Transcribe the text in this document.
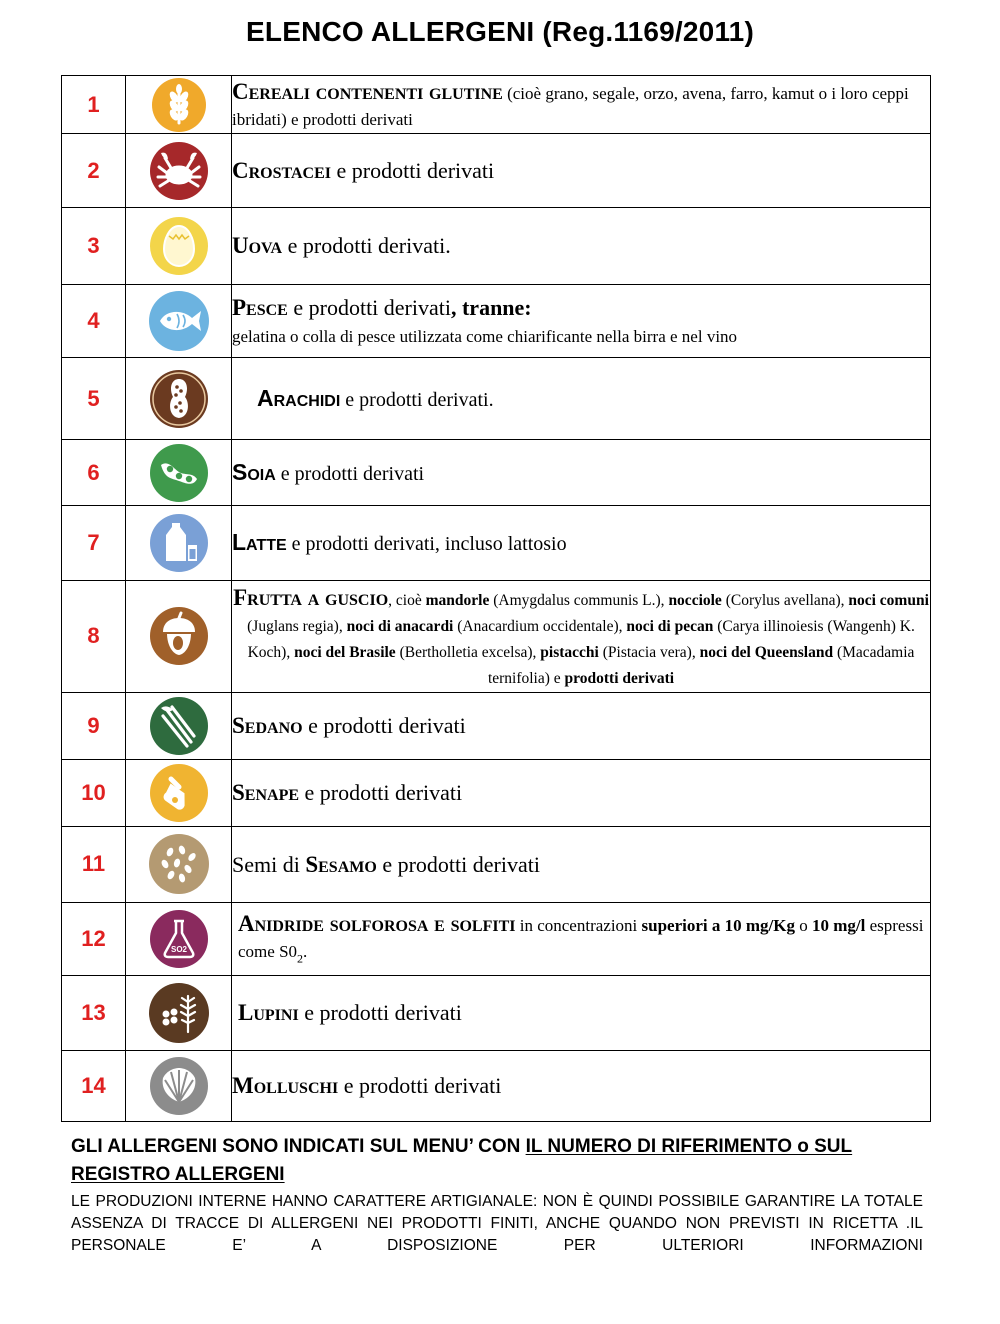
ELENCO ALLERGENI (Reg.1169/2011)
1		Cereali contenenti glutine (cioè grano, segale, orzo, avena, farro, kamut o i loro ceppi ibridati) e prodotti derivati
2		Crostacei e prodotti derivati
3		Uova e prodotti derivati.
4		Pesce e prodotti derivati, tranne:
gelatina o colla di pesce utilizzata come chiarificante nella birra e nel vino
5		Arachidi e prodotti derivati.
6		Soia e prodotti derivati
7		Latte e prodotti derivati, incluso lattosio
8		Frutta a guscio, cioè mandorle (Amygdalus communis L.), nocciole (Corylus avellana), noci comuni (Juglans regia), noci di anacardi (Anacardium occidentale), noci di pecan (Carya illinoiesis (Wangenh) K. Koch), noci del Brasile (Bertholletia excelsa), pistacchi (Pistacia vera), noci del Queensland (Macadamia ternifolia) e prodotti derivati
9		Sedano e prodotti derivati
10		Senape e prodotti derivati
11		Semi di Sesamo e prodotti derivati
12	SO2	Anidride solforosa e solfiti in concentrazioni superiori a 10 mg/Kg o 10 mg/l espressi come $S0_2$.
13		Lupini e prodotti derivati
14		Molluschi e prodotti derivati
GLI ALLERGENI SONO INDICATI SUL MENU’ CON IL NUMERO DI RIFERIMENTO o SUL REGISTRO ALLERGENI
LE PRODUZIONI INTERNE HANNO CARATTERE ARTIGIANALE: NON È QUINDI POSSIBILE GARANTIRE LA TOTALE ASSENZA DI TRACCE DI ALLERGENI NEI PRODOTTI FINITI, ANCHE QUANDO NON PREVISTI IN RICETTA .IL PERSONALE E’ A DISPOSIZIONE PER ULTERIORI INFORMAZIONI
